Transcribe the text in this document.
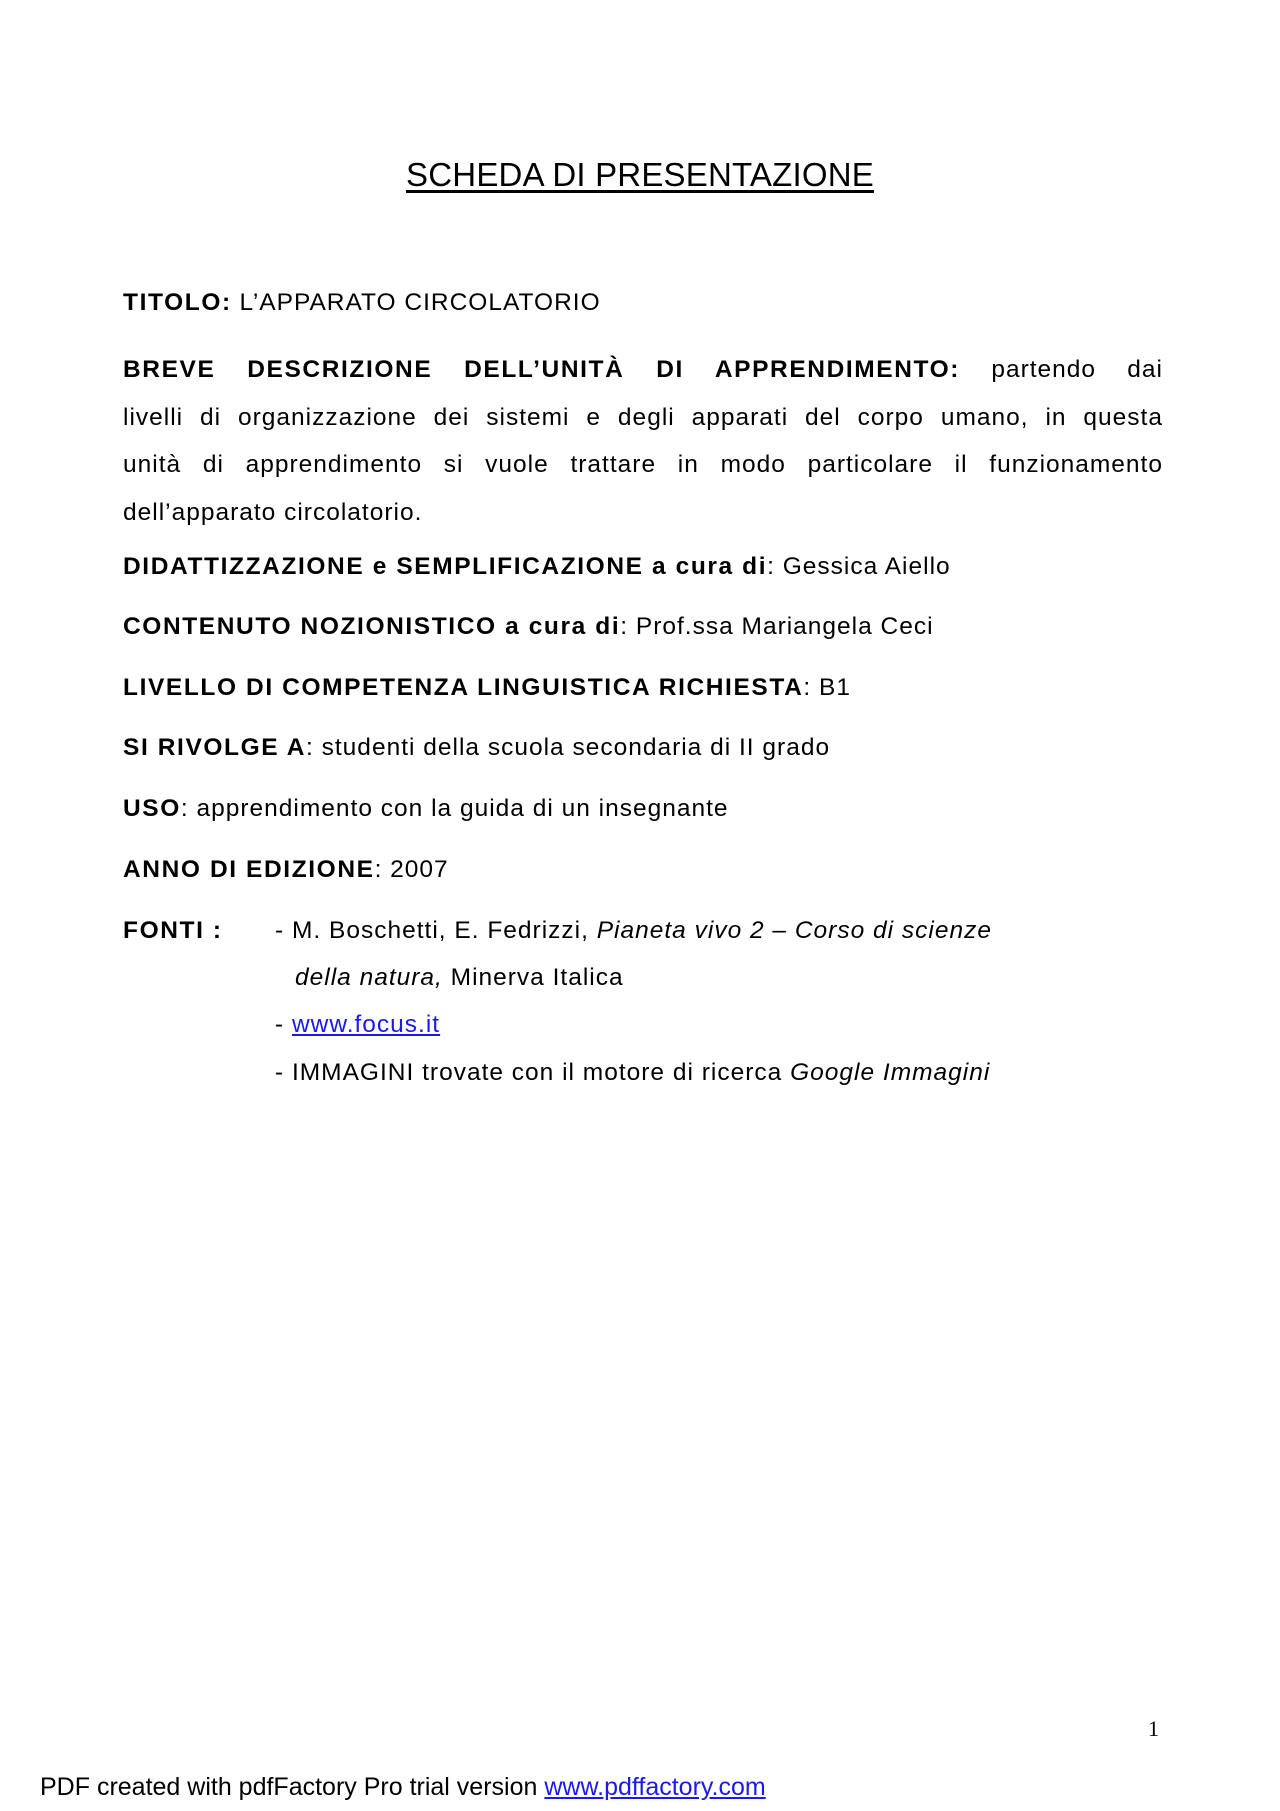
SCHEDA DI PRESENTAZIONE
TITOLO: L’APPARATO CIRCOLATORIO
BREVE DESCRIZIONE DELL’UNITÀ DI APPRENDIMENTO: partendo dai
livelli di organizzazione dei sistemi e degli apparati del corpo umano, in questa
unità di apprendimento si vuole trattare in modo particolare il funzionamento
dell’apparato circolatorio.
DIDATTIZZAZIONE e SEMPLIFICAZIONE a cura di: Gessica Aiello
CONTENUTO NOZIONISTICO a cura di: Prof.ssa Mariangela Ceci
LIVELLO DI COMPETENZA LINGUISTICA RICHIESTA: B1
SI RIVOLGE A: studenti della scuola secondaria di II grado
USO: apprendimento con la guida di un insegnante
ANNO DI EDIZIONE: 2007
FONTI : - M. Boschetti, E. Fedrizzi, Pianeta vivo 2 – Corso di scienze
della natura, Minerva Italica
- www.focus.it
- IMMAGINI trovate con il motore di ricerca Google Immagini
1
PDF created with pdfFactory Pro trial version www.pdffactory.com
